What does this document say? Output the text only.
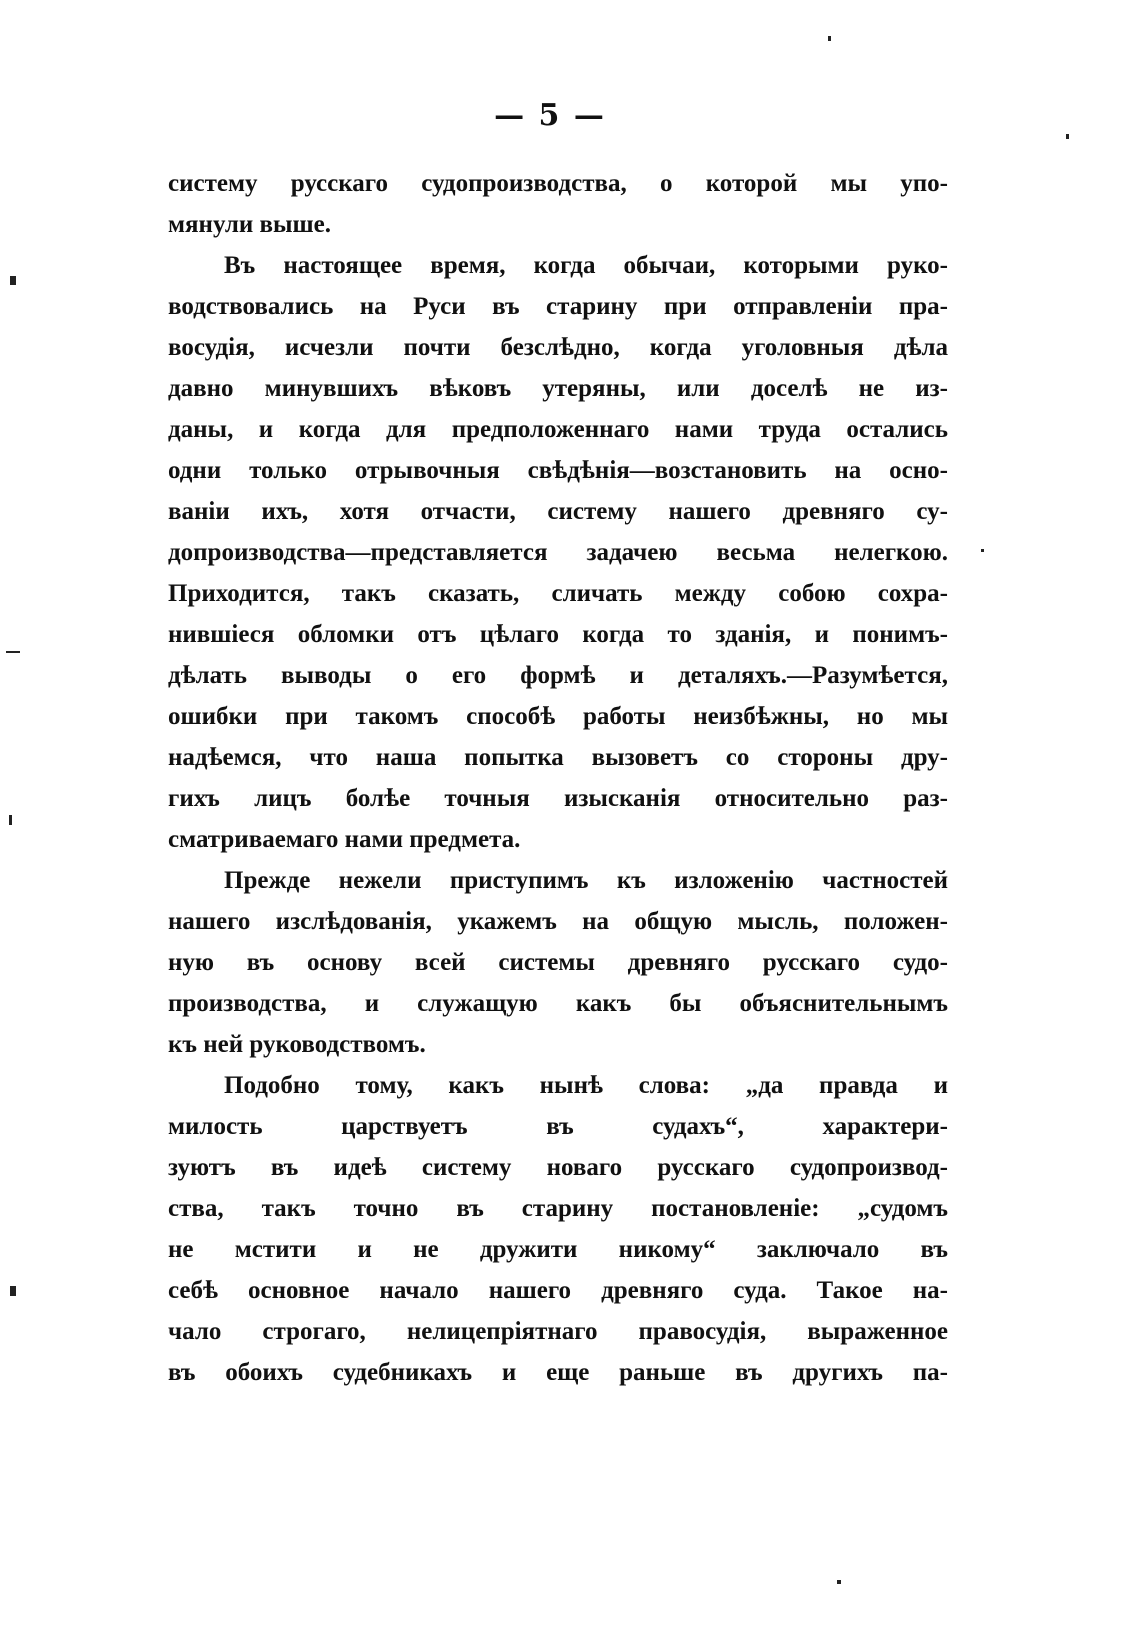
— 5 —
систему русскаго судопроизводства, о которой мы упо-
мянули выше.
Въ настоящее время, когда обычаи, которыми руко-
водствовались на Руси въ старину при отправленіи пра-
восудія, исчезли почти безслѣдно, когда уголовныя дѣла
давно минувшихъ вѣковъ утеряны, или доселѣ не из-
даны, и когда для предположеннаго нами труда остались
одни только отрывочныя свѣдѣнія—возстановить на осно-
ваніи ихъ, хотя отчасти, систему нашего древняго су-
допроизводства—представляется задачею весьма нелегкою.
Приходится, такъ сказать, сличать между собою сохра-
нившіеся обломки отъ цѣлаго когда то зданія, и понимъ-
дѣлать выводы о его формѣ и деталяхъ.—Разумѣется,
ошибки при такомъ способѣ работы неизбѣжны, но мы
надѣемся, что наша попытка вызоветъ со стороны дру-
гихъ лицъ болѣе точныя изысканія относительно раз-
сматриваемаго нами предмета.
Прежде нежели приступимъ къ изложенію частностей
нашего изслѣдованія, укажемъ на общую мысль, положен-
ную въ основу всей системы древняго русскаго судо-
производства, и служащую какъ бы объяснительнымъ
къ ней руководствомъ.
Подобно тому, какъ нынѣ слова: „да правда и
милость царствуетъ въ судахъ“, характери-
зуютъ въ идеѣ систему новаго русскаго судопроизвод-
ства, такъ точно въ старину постановленіе: „судомъ
не мстити и не дружити никому“ заключало въ
себѣ основное начало нашего древняго суда. Такое на-
чало строгаго, нелицепріятнаго правосудія, выраженное
въ обоихъ судебникахъ и еще раньше въ другихъ па-
